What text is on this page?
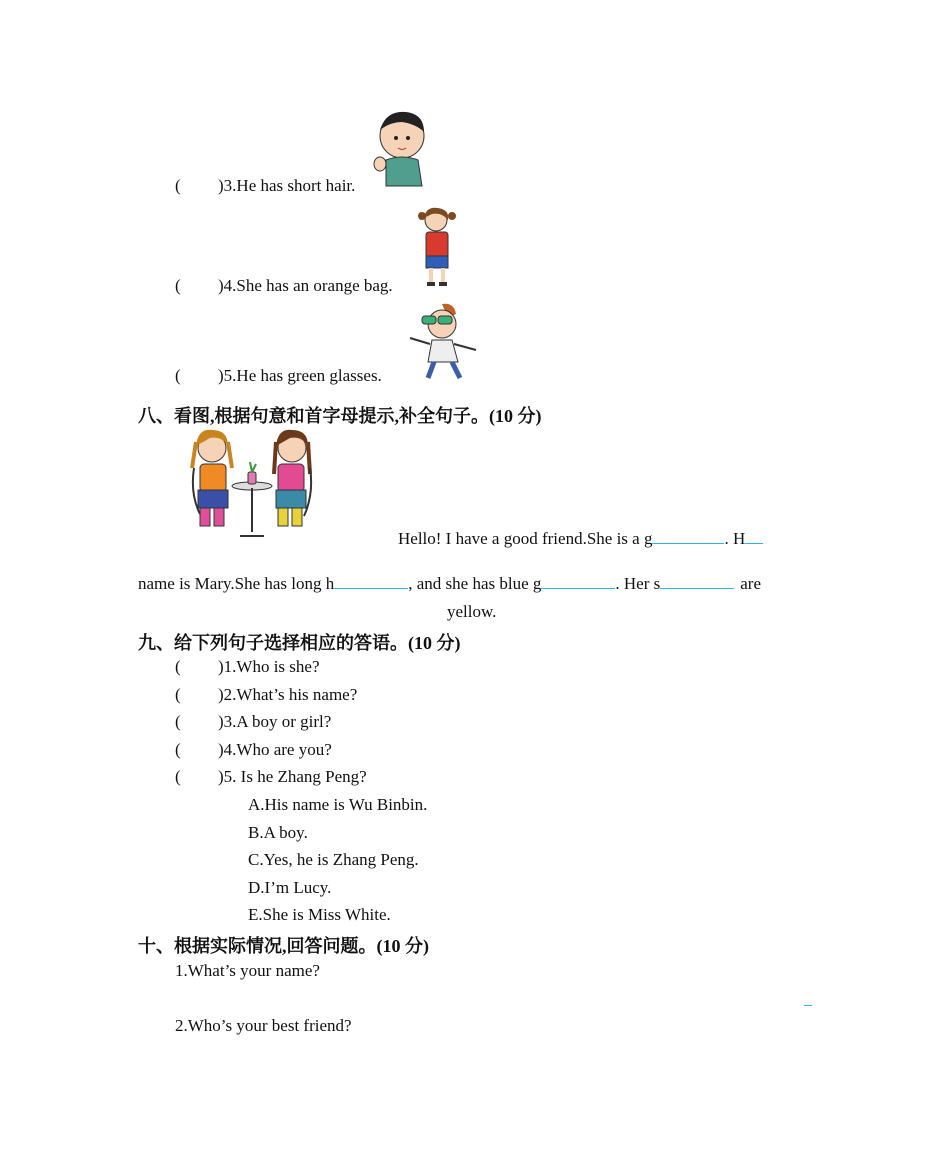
( )3.He has short hair.
( )4.She has an orange bag.
( )5.He has green glasses.
八、看图,根据句意和首字母提示,补全句子。(10 分)
Hello! I have a good friend.She is a g	. H
name is Mary.She has long h	, and she has blue g	. Her s	are
yellow.
九、给下列句子选择相应的答语。(10 分)
( )1.Who is she?
( )2.What’s his name?
( )3.A boy or girl?
( )4.Who are you?
( )5. Is he Zhang Peng?
A.His name is Wu Binbin.
B.A boy.
C.Yes, he is Zhang Peng.
D.I’m Lucy.
E.She is Miss White.
十、根据实际情况,回答问题。(10 分)
1.What’s your name?
2.Who’s your best friend?
